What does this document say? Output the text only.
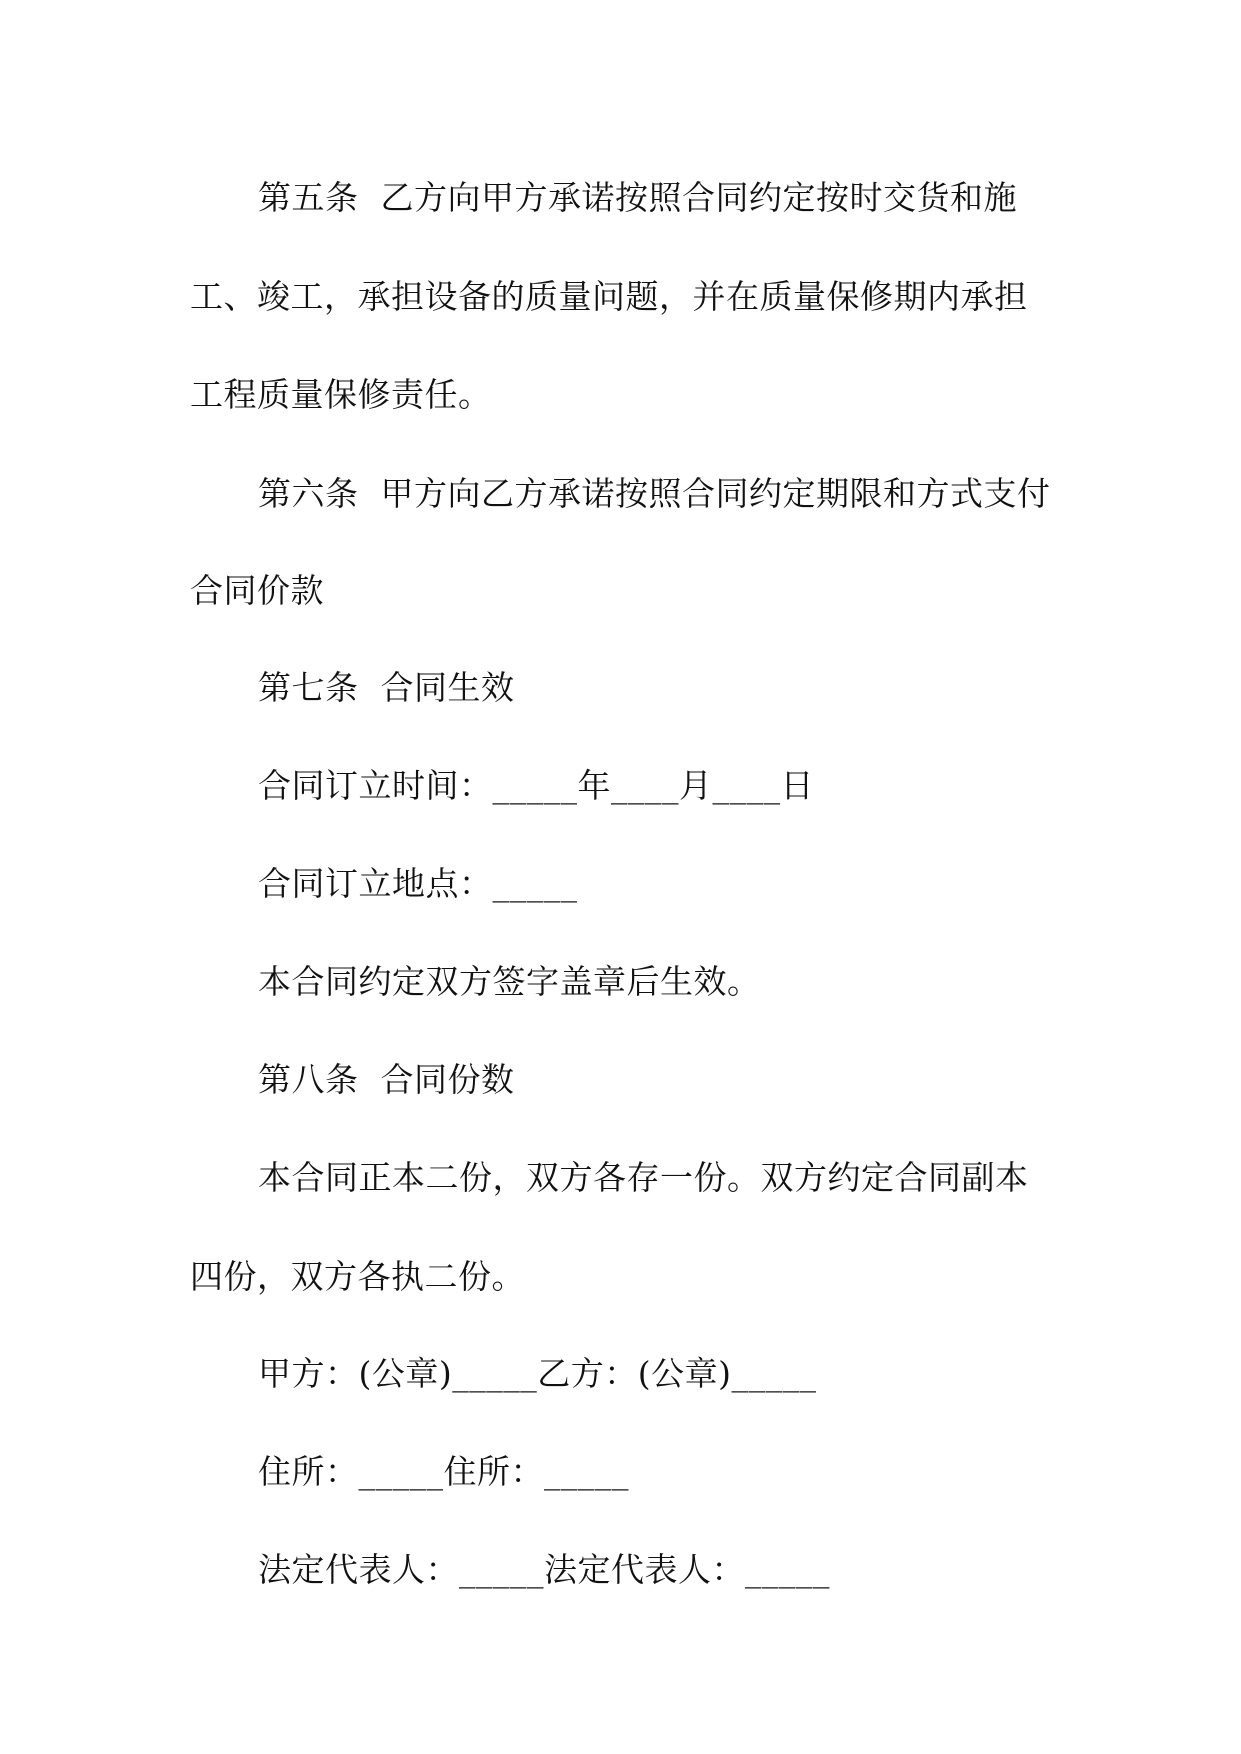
第五条  乙方向甲方承诺按照合同约定按时交货和施
工、竣工，承担设备的质量问题，并在质量保修期内承担
工程质量保修责任。
第六条  甲方向乙方承诺按照合同约定期限和方式支付
合同价款
第七条  合同生效
合同订立时间：_____年____月____日
合同订立地点：_____
本合同约定双方签字盖章后生效。
第八条  合同份数
本合同正本二份，双方各存一份。双方约定合同副本
四份，双方各执二份。
甲方：(公章)_____乙方：(公章)_____
住所：_____住所：_____
法定代表人：_____法定代表人：_____
